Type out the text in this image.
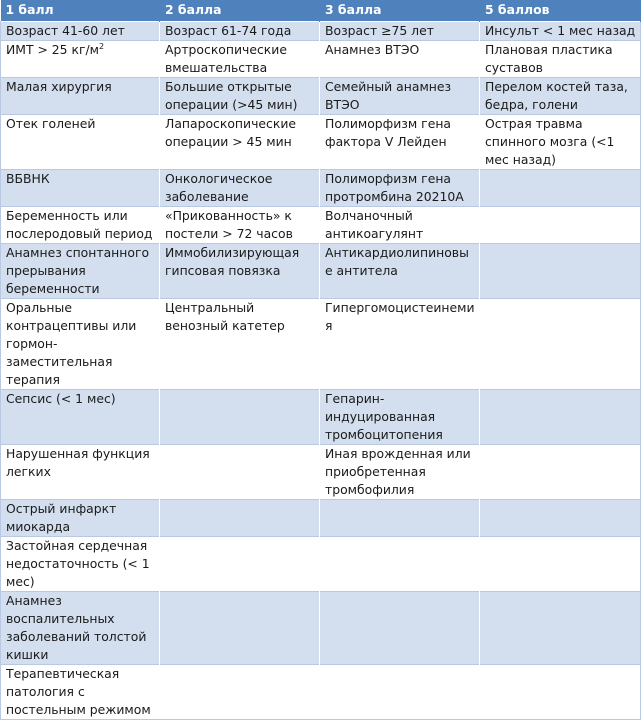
1 балл	2 балла	3 балла	5 баллов
Возраст 41-60 лет	Возраст 61-74 года	Возраст ≥75 лет	Инсульт < 1 мес назад
ИМТ > 25 $кг/м^2$	Артроскопические вмешательства	Анамнез ВТЭО	Плановая пластика суставов
Малая хирургия	Большие открытые операции (>45 мин)	Семейный анамнез ВТЭО	Перелом костей таза, бедра, голени
Отек голеней	Лапароскопические операции > 45 мин	Полиморфизм гена фактора V Лейден	Острая травма спинного мозга (<1 мес назад)
ВБВНК	Онкологическое заболевание	Полиморфизм гена протромбина 20210A	
Беременность или послеродовый период	«Прикованность» к постели > 72 часов	Волчаночный антикоагулянт	
Анамнез спонтанного прерывания беременности	Иммобилизирующая гипсовая повязка	Антикардиолипиновые антитела	
Оральные контрацептивы или гормон-заместительная терапия	Центральный венозный катетер	Гипергомоцистеинемия	
Сепсис (< 1 мес)		Гепарин-индуцированная тромбоцитопения	
Нарушенная функция легких		Иная врожденная или приобретенная тромбофилия	
Острый инфаркт миокарда			
Застойная сердечная недостаточность (< 1 мес)			
Анамнез воспалительных заболеваний толстой кишки			
Терапевтическая патология с постельным режимом			
